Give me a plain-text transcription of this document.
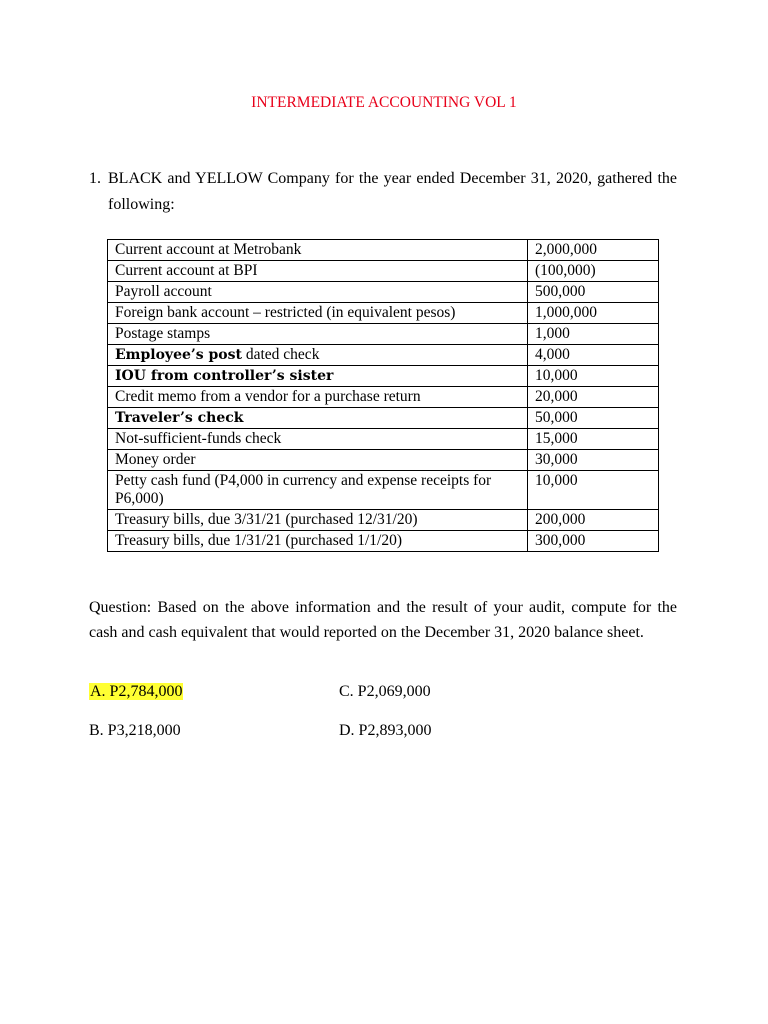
INTERMEDIATE ACCOUNTING VOL 1
1. BLACK and YELLOW Company for the year ended December 31, 2020, gathered the following:
Current account at Metrobank	2,000,000
Current account at BPI	(100,000)
Payroll account	500,000
Foreign bank account – restricted (in equivalent pesos)	1,000,000
Postage stamps	1,000
Employee’s post dated check	4,000
IOU from controller’s sister	10,000
Credit memo from a vendor for a purchase return	20,000
Traveler’s check	50,000
Not-sufficient-funds check	15,000
Money order	30,000
Petty cash fund (P4,000 in currency and expense receipts for P6,000)	10,000
Treasury bills, due 3/31/21 (purchased 12/31/20)	200,000
Treasury bills, due 1/31/21 (purchased 1/1/20)	300,000
Question: Based on the above information and the result of your audit, compute for the cash and cash equivalent that would reported on the December 31, 2020 balance sheet.
A. P2,784,000	C. P2,069,000
B. P3,218,000	D. P2,893,000
